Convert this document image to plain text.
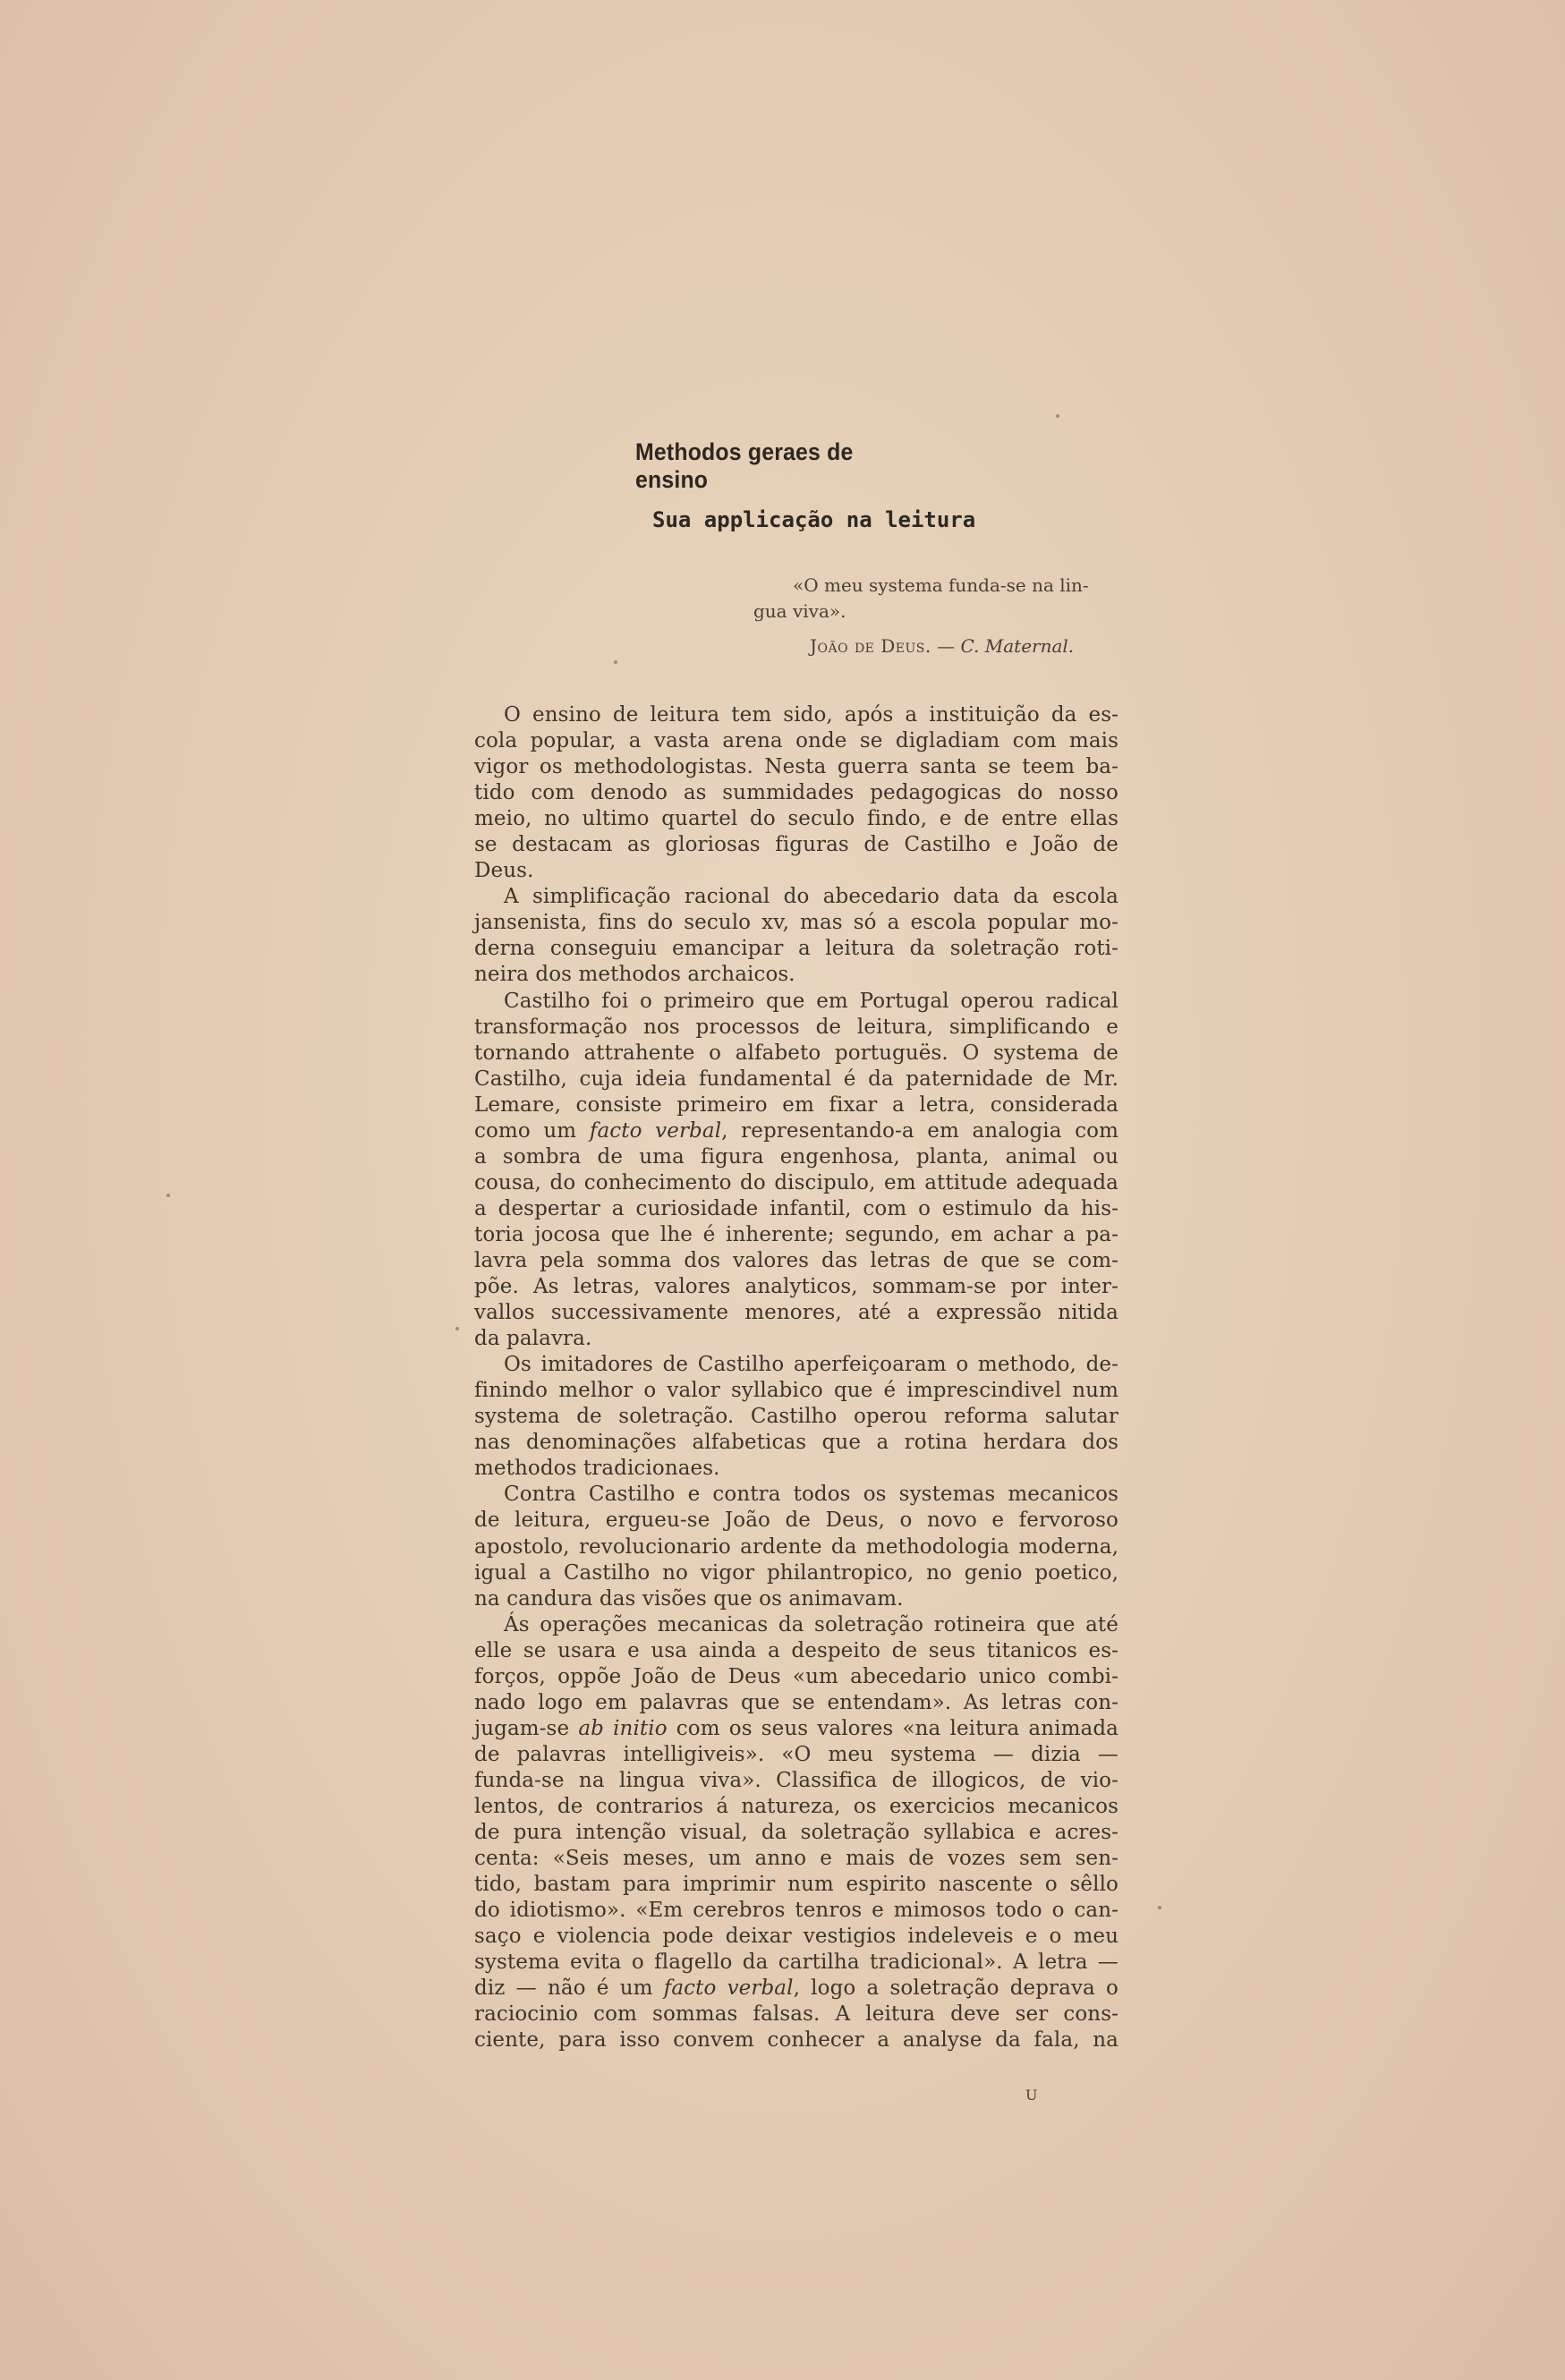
Methodos geraes de ensino
Sua applicação na leitura
«O meu systema funda-se na lin-
gua viva».
João de Deus. — C. Maternal.
O ensino de leitura tem sido, após a instituição da es-
cola popular, a vasta arena onde se digladiam com mais
vigor os methodologistas. Nesta guerra santa se teem ba-
tido com denodo as summidades pedagogicas do nosso
meio, no ultimo quartel do seculo findo, e de entre ellas
se destacam as gloriosas figuras de Castilho e João de
Deus.
A simplificação racional do abecedario data da escola
jansenista, fins do seculo xv, mas só a escola popular mo-
derna conseguiu emancipar a leitura da soletração roti-
neira dos methodos archaicos.
Castilho foi o primeiro que em Portugal operou radical
transformação nos processos de leitura, simplificando e
tornando attrahente o alfabeto portuguës. O systema de
Castilho, cuja ideia fundamental é da paternidade de Mr.
Lemare, consiste primeiro em fixar a letra, considerada
como um facto verbal, representando-a em analogia com
a sombra de uma figura engenhosa, planta, animal ou
cousa, do conhecimento do discipulo, em attitude adequada
a despertar a curiosidade infantil, com o estimulo da his-
toria jocosa que lhe é inherente; segundo, em achar a pa-
lavra pela somma dos valores das letras de que se com-
põe. As letras, valores analyticos, sommam-se por inter-
vallos successivamente menores, até a expressão nitida
da palavra.
Os imitadores de Castilho aperfeiçoaram o methodo, de-
finindo melhor o valor syllabico que é imprescindivel num
systema de soletração. Castilho operou reforma salutar
nas denominações alfabeticas que a rotina herdara dos
methodos tradicionaes.
Contra Castilho e contra todos os systemas mecanicos
de leitura, ergueu-se João de Deus, o novo e fervoroso
apostolo, revolucionario ardente da methodologia moderna,
igual a Castilho no vigor philantropico, no genio poetico,
na candura das visões que os animavam.
Ás operações mecanicas da soletração rotineira que até
elle se usara e usa ainda a despeito de seus titanicos es-
forços, oppõe João de Deus «um abecedario unico combi-
nado logo em palavras que se entendam». As letras con-
jugam-se ab initio com os seus valores «na leitura animada
de palavras intelligiveis». «O meu systema — dizia —
funda-se na lingua viva». Classifica de illogicos, de vio-
lentos, de contrarios á natureza, os exercicios mecanicos
de pura intenção visual, da soletração syllabica e acres-
centa: «Seis meses, um anno e mais de vozes sem sen-
tido, bastam para imprimir num espirito nascente o sêllo
do idiotismo». «Em cerebros tenros e mimosos todo o can-
saço e violencia pode deixar vestigios indeleveis e o meu
systema evita o flagello da cartilha tradicional». A letra —
diz — não é um facto verbal, logo a soletração deprava o
raciocinio com sommas falsas. A leitura deve ser cons-
ciente, para isso convem conhecer a analyse da fala, na
U
